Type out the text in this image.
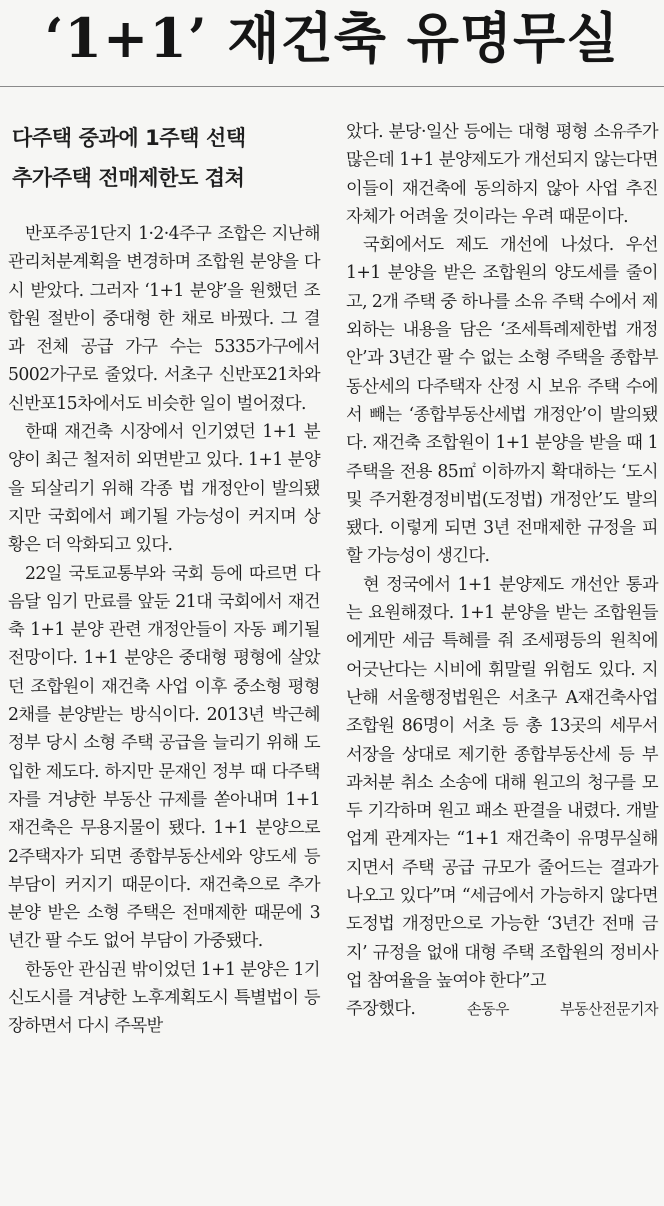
‘1+1’ 재건축 유명무실
다주택 중과에 1주택 선택
추가주택 전매제한도 겹쳐

반포주공1단지 1·2·4주구 조합은 지난해 관리처분계획을 변경하며 조합원 분양을 다시 받았다. 그러자 ‘1+1 분양’을 원했던 조합원 절반이 중대형 한 채로 바꿨다. 그 결과 전체 공급 가구 수는 5335가구에서 5002가구로 줄었다. 서초구 신반포21차와 신반포15차에서도 비슷한 일이 벌어졌다.

한때 재건축 시장에서 인기였던 1+1 분양이 최근 철저히 외면받고 있다. 1+1 분양을 되살리기 위해 각종 법 개정안이 발의됐지만 국회에서 폐기될 가능성이 커지며 상황은 더 악화되고 있다.

22일 국토교통부와 국회 등에 따르면 다음달 임기 만료를 앞둔 21대 국회에서 재건축 1+1 분양 관련 개정안들이 자동 폐기될 전망이다. 1+1 분양은 중대형 평형에 살았던 조합원이 재건축 사업 이후 중소형 평형 2채를 분양받는 방식이다. 2013년 박근혜 정부 당시 소형 주택 공급을 늘리기 위해 도입한 제도다. 하지만 문재인 정부 때 다주택자를 겨냥한 부동산 규제를 쏟아내며 1+1 재건축은 무용지물이 됐다. 1+1 분양으로 2주택자가 되면 종합부동산세와 양도세 등 부담이 커지기 때문이다. 재건축으로 추가 분양 받은 소형 주택은 전매제한 때문에 3년간 팔 수도 없어 부담이 가중됐다.

한동안 관심권 밖이었던 1+1 분양은 1기 신도시를 겨냥한 노후계획도시 특별법이 등장하면서 다시 주목받

았다. 분당·일산 등에는 대형 평형 소유주가 많은데 1+1 분양제도가 개선되지 않는다면 이들이 재건축에 동의하지 않아 사업 추진 자체가 어려울 것이라는 우려 때문이다.

국회에서도 제도 개선에 나섰다. 우선 1+1 분양을 받은 조합원의 양도세를 줄이고, 2개 주택 중 하나를 소유 주택 수에서 제외하는 내용을 담은 ‘조세특례제한법 개정안’과 3년간 팔 수 없는 소형 주택을 종합부동산세의 다주택자 산정 시 보유 주택 수에서 빼는 ‘종합부동산세법 개정안’이 발의됐다. 재건축 조합원이 1+1 분양을 받을 때 1주택을 전용 85㎡ 이하까지 확대하는 ‘도시 및 주거환경정비법(도정법) 개정안’도 발의됐다. 이렇게 되면 3년 전매제한 규정을 피할 가능성이 생긴다.

현 정국에서 1+1 분양제도 개선안 통과는 요원해졌다. 1+1 분양을 받는 조합원들에게만 세금 특혜를 줘 조세평등의 원칙에 어긋난다는 시비에 휘말릴 위험도 있다. 지난해 서울행정법원은 서초구 A재건축사업 조합원 86명이 서초 등 총 13곳의 세무서 서장을 상대로 제기한 종합부동산세 등 부과처분 취소 소송에 대해 원고의 청구를 모두 기각하며 원고 패소 판결을 내렸다. 개발업계 관계자는 “1+1 재건축이 유명무실해지면서 주택 공급 규모가 줄어드는 결과가 나오고 있다”며 “세금에서 가능하지 않다면 도정법 개정만으로 가능한 ‘3년간 전매 금지’ 규정을 없애 대형 주택 조합원의 정비사업 참여율을 높여야 한다”고

주장했다.	손동우 부동산전문기자
